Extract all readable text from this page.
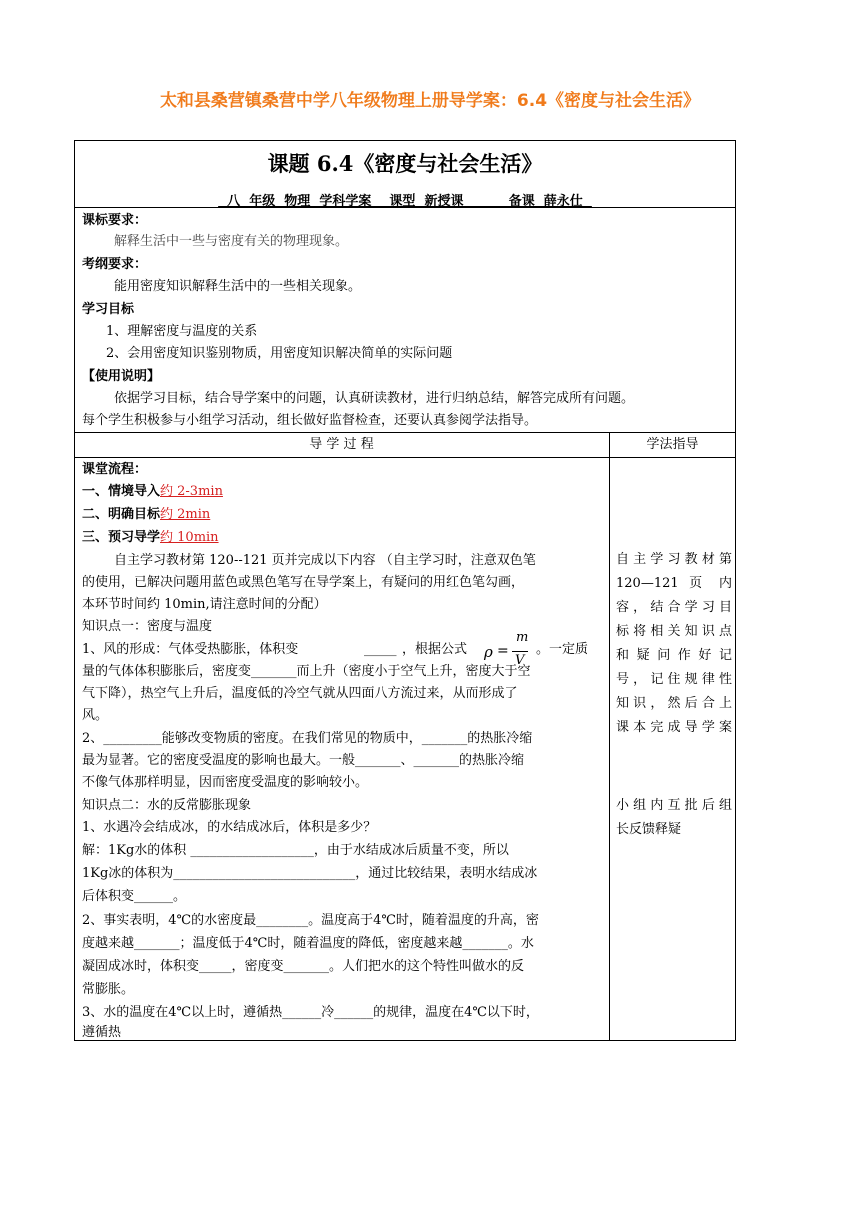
太和县桑营镇桑营中学八年级物理上册导学案：6.4《密度与社会生活》
课题 6.4《密度与社会生活》
八  年级  物理  学科学案    课型  新授课          备课  薛永仕
课标要求：
解释生活中一些与密度有关的物理现象。
考纲要求：
能用密度知识解释生活中的一些相关现象。
学习目标
1、理解密度与温度的关系
2、会用密度知识鉴别物质，用密度知识解决简单的实际问题
【使用说明】
依据学习目标，结合导学案中的问题，认真研读教材，进行归纳总结，解答完成所有问题。
每个学生积极参与小组学习活动，组长做好监督检查，还要认真参阅学法指导。
导 学 过 程	学法指导
课堂流程：
一、情境导入约 2-3min
二、明确目标约 2min
三、预习导学约 10min
自主学习教材第 120--121 页并完成以下内容 （自主学习时，注意双色笔
的使用，已解决问题用蓝色或黑色笔写在导学案上，有疑问的用红色笔勾画，
本环节时间约 10min,请注意时间的分配）
知识点一：密度与温度
1、风的形成：气体受热膨胀，体积变	_____ ，根据公式 ρ =
m
V
。一定质
量的气体体积膨胀后，密度变_______而上升（密度小于空气上升，密度大于空
气下降），热空气上升后，温度低的冷空气就从四面八方流过来，从而形成了
风。
2、_________能够改变物质的密度。在我们常见的物质中，_______的热胀冷缩
最为显著。它的密度受温度的影响也最大。一般_______、_______的热胀冷缩
不像气体那样明显，因而密度受温度的影响较小。
知识点二：水的反常膨胀现象
1、水遇冷会结成冰，的水结成冰后，体积是多少？
解：1Kg水的体积 ___________________，由于水结成冰后质量不变，所以
1Kg冰的体积为____________________________，通过比较结果，表明水结成冰
后体积变______。
2、事实表明，4℃的水密度最________。温度高于4℃时，随着温度的升高，密
度越来越_______；温度低于4℃时，随着温度的降低，密度越来越_______。水
凝固成冰时，体积变_____，密度变_______。人们把水的这个特性叫做水的反
常膨胀。
3、水的温度在4℃以上时，遵循热______冷______的规律，温度在4℃以下时，
遵循热
自主学习教材第
120—121 页 内
容，结合学习目
标将相关知识点
和 疑 问 作 好 记
号，记住规律性
知识，然后合上
课本完成导学案
小组内互批后组
长反馈释疑
